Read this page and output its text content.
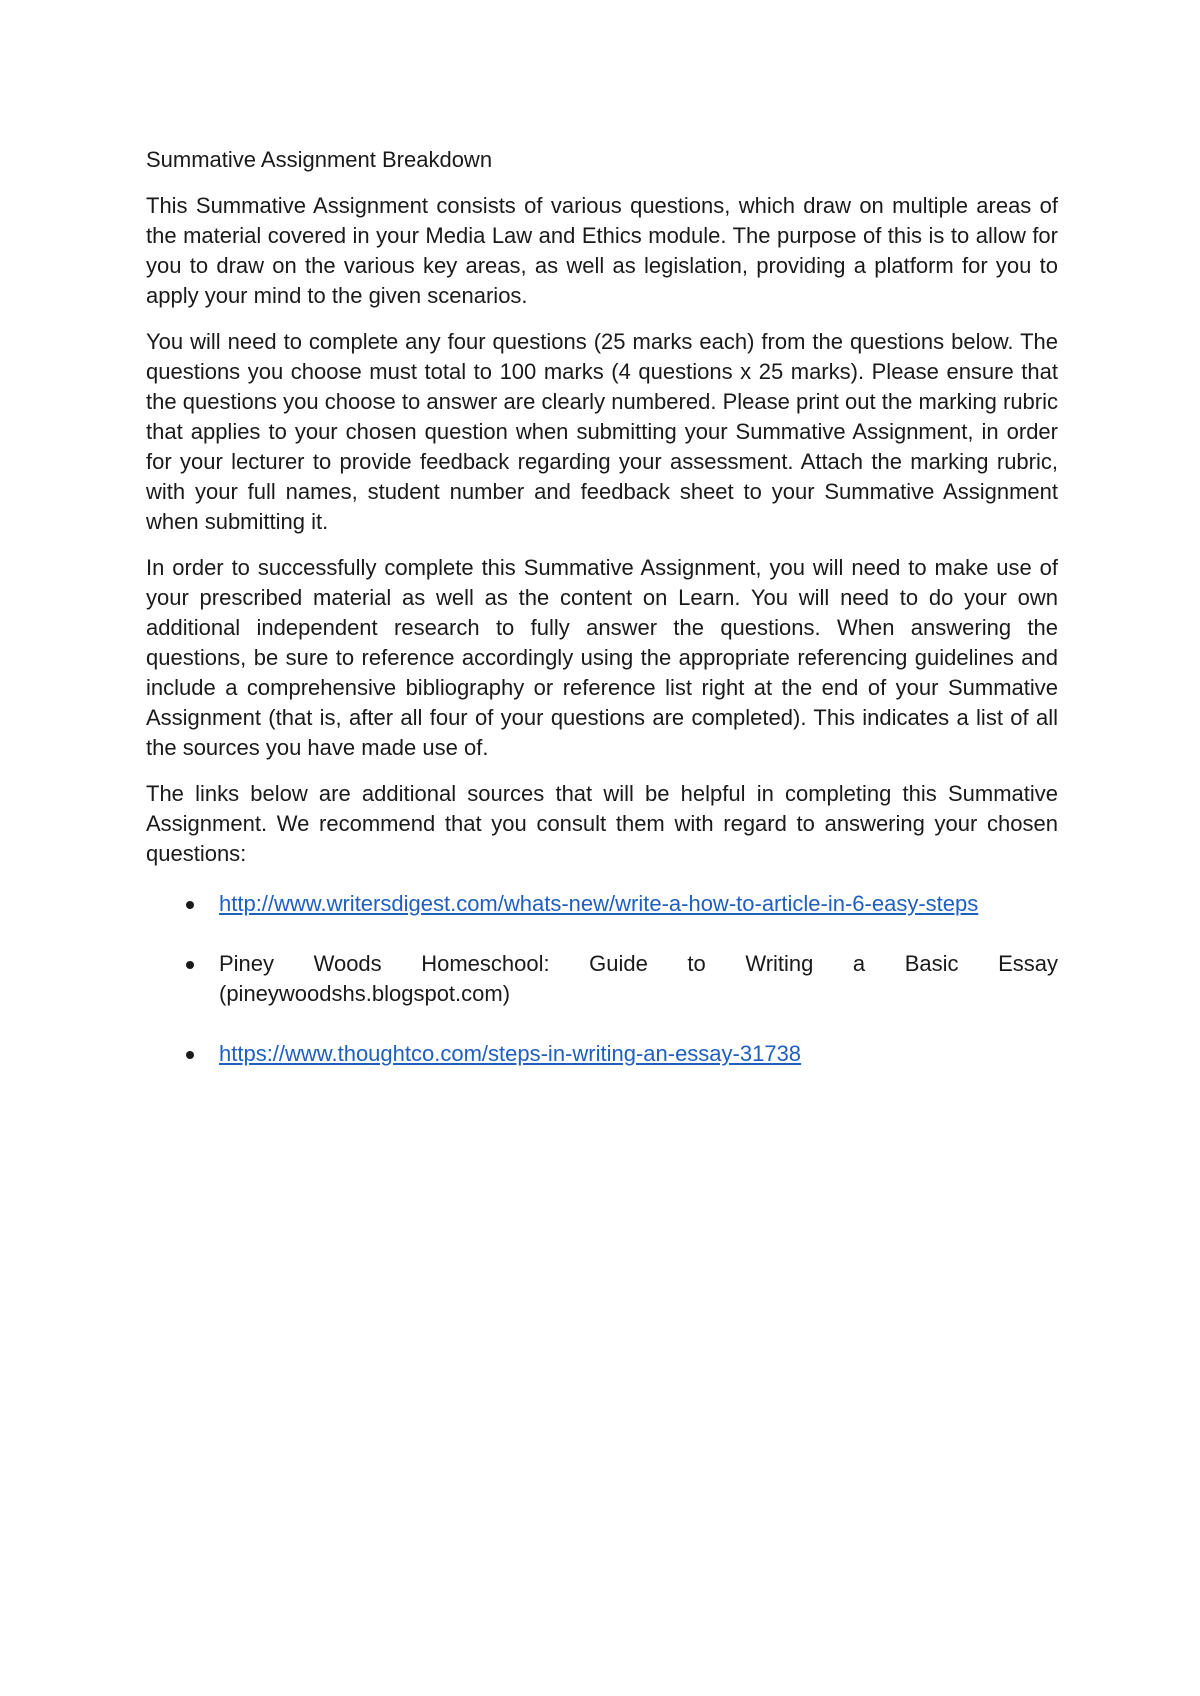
Summative Assignment Breakdown

This Summative Assignment consists of various questions, which draw on multiple areas of the material covered in your Media Law and Ethics module. The purpose of this is to allow for you to draw on the various key areas, as well as legislation, providing a platform for you to apply your mind to the given scenarios.

You will need to complete any four questions (25 marks each) from the questions below. The questions you choose must total to 100 marks (4 questions x 25 marks). Please ensure that the questions you choose to answer are clearly numbered. Please print out the marking rubric that applies to your chosen question when submitting your Summative Assignment, in order for your lecturer to provide feedback regarding your assessment. Attach the marking rubric, with your full names, student number and feedback sheet to your Summative Assignment when submitting it.

In order to successfully complete this Summative Assignment, you will need to make use of your prescribed material as well as the content on Learn. You will need to do your own additional independent research to fully answer the questions. When answering the questions, be sure to reference accordingly using the appropriate referencing guidelines and include a comprehensive bibliography or reference list right at the end of your Summative Assignment (that is, after all four of your questions are completed). This indicates a list of all the sources you have made use of.

The links below are additional sources that will be helpful in completing this Summative Assignment. We recommend that you consult them with regard to answering your chosen questions:

http://www.writersdigest.com/whats-new/write-a-how-to-article-in-6-easy-steps
Piney Woods Homeschool: Guide to Writing a Basic Essay (pineywoodshs.blogspot.com)
https://www.thoughtco.com/steps-in-writing-an-essay-31738
